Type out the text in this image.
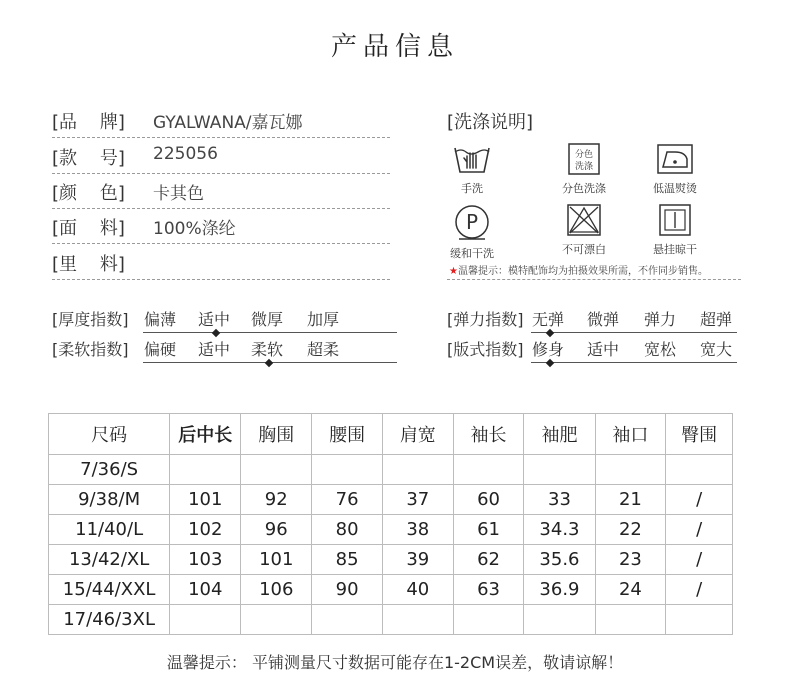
产品信息
[品    牌] GYALWANA/嘉瓦娜
[款    号] 225056
[颜    色] 卡其色
[面    料] 100%涤纶
[里    料]
[洗涤说明]
手洗
分色
洗涤
分色洗涤	低温熨烫
P
缓和干洗	不可漂白	悬挂晾干
★温馨提示：模特配饰均为拍摄效果所需，不作同步销售。
[厚度指数] 偏薄 适中 微厚 加厚
[柔软指数] 偏硬 适中 柔软 超柔
[弹力指数] 无弹 微弹 弹力 超弹
[版式指数] 修身 适中 宽松 宽大
尺码	后中长	胸围	腰围	肩宽	袖长	袖肥	袖口	臀围
7/36/S								
9/38/M	101	92	76	37	60	33	21	/
11/40/L	102	96	80	38	61	34.3	22	/
13/42/XL	103	101	85	39	62	35.6	23	/
15/44/XXL	104	106	90	40	63	36.9	24	/
17/46/3XL								
温馨提示： 平铺测量尺寸数据可能存在1-2CM误差，敬请谅解！
